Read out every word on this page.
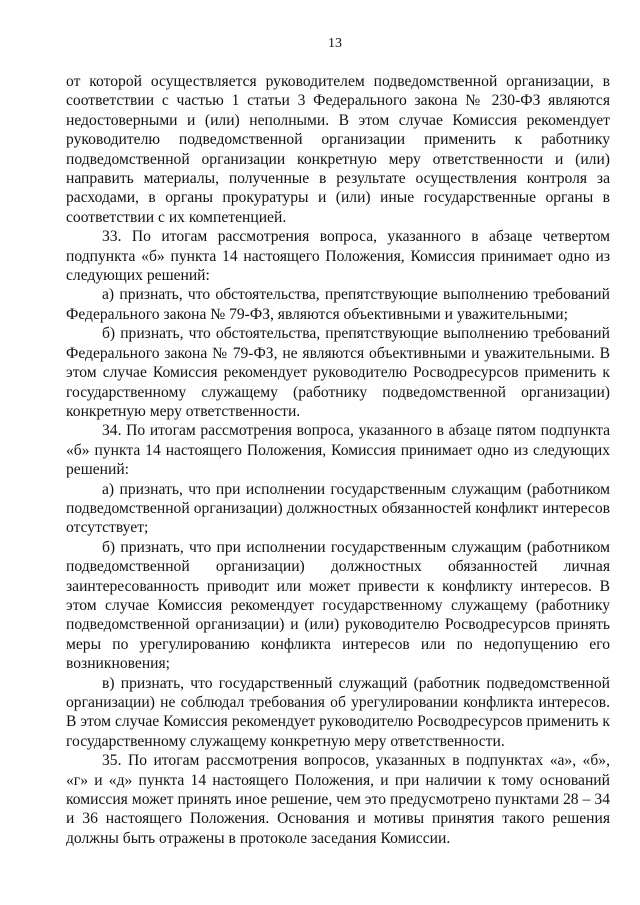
13

от которой осуществляется руководителем подведомственной организации, в соответствии с частью 1 статьи 3 Федерального закона № 230-ФЗ являются недостоверными и (или) неполными. В этом случае Комиссия рекомендует руководителю подведомственной организации применить к работнику подведомственной организации конкретную меру ответственности и (или) направить материалы, полученные в результате осуществления контроля за расходами, в органы прокуратуры и (или) иные государственные органы в соответствии с их компетенцией.

33. По итогам рассмотрения вопроса, указанного в абзаце четвертом подпункта «б» пункта 14 настоящего Положения, Комиссия принимает одно из следующих решений:

а) признать, что обстоятельства, препятствующие выполнению требований Федерального закона № 79-ФЗ, являются объективными и уважительными;

б) признать, что обстоятельства, препятствующие выполнению требований Федерального закона № 79-ФЗ, не являются объективными и уважительными. В этом случае Комиссия рекомендует руководителю Росводресурсов применить к государственному служащему (работнику подведомственной организации) конкретную меру ответственности.

34. По итогам рассмотрения вопроса, указанного в абзаце пятом подпункта «б» пункта 14 настоящего Положения, Комиссия принимает одно из следующих решений:

а) признать, что при исполнении государственным служащим (работником подведомственной организации) должностных обязанностей конфликт интересов отсутствует;

б) признать, что при исполнении государственным служащим (работником подведомственной организации) должностных обязанностей личная заинтересованность приводит или может привести к конфликту интересов. В этом случае Комиссия рекомендует государственному служащему (работнику подведомственной организации) и (или) руководителю Росводресурсов принять меры по урегулированию конфликта интересов или по недопущению его возникновения;

в) признать, что государственный служащий (работник подведомственной организации) не соблюдал требования об урегулировании конфликта интересов. В этом случае Комиссия рекомендует руководителю Росводресурсов применить к государственному служащему конкретную меру ответственности.

35. По итогам рассмотрения вопросов, указанных в подпунктах «а», «б», «г» и «д» пункта 14 настоящего Положения, и при наличии к тому оснований комиссия может принять иное решение, чем это предусмотрено пунктами 28 – 34 и 36 настоящего Положения. Основания и мотивы принятия такого решения должны быть отражены в протоколе заседания Комиссии.
